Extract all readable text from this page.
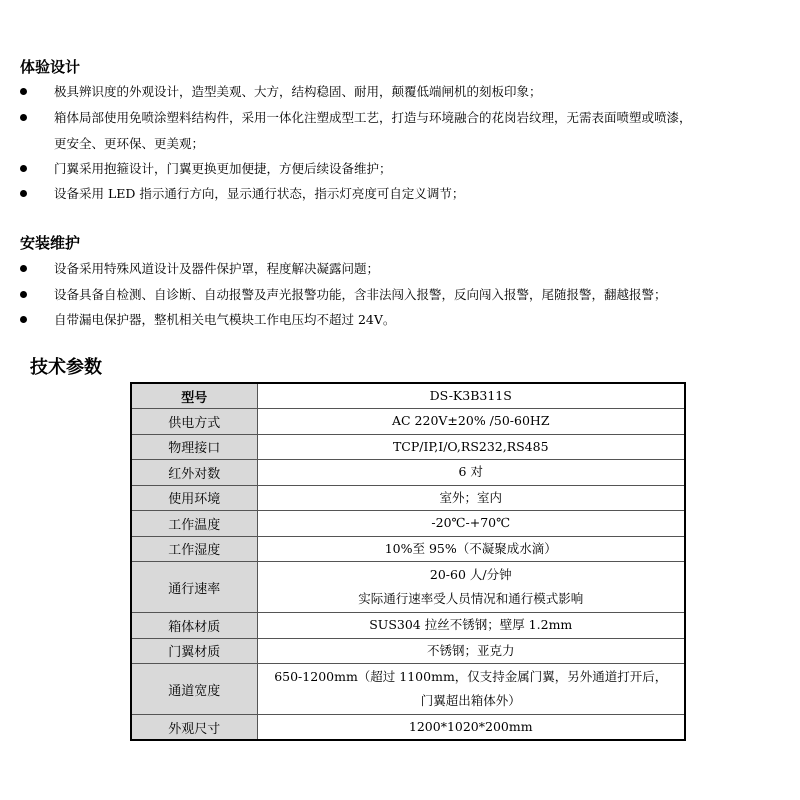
体验设计
极具辨识度的外观设计，造型美观、大方，结构稳固、耐用，颠覆低端闸机的刻板印象；
箱体局部使用免喷涂塑料结构件，采用一体化注塑成型工艺，打造与环境融合的花岗岩纹理，无需表面喷塑或喷漆，
更安全、更环保、更美观；
门翼采用抱箍设计，门翼更换更加便捷，方便后续设备维护；
设备采用 LED 指示通行方向，显示通行状态，指示灯亮度可自定义调节；
安装维护
设备采用特殊风道设计及器件保护罩，程度解决凝露问题；
设备具备自检测、自诊断、自动报警及声光报警功能，含非法闯入报警，反向闯入报警，尾随报警，翻越报警；
自带漏电保护器，整机相关电气模块工作电压均不超过 24V。
技术参数
型号	DS-K3B311S
供电方式	AC 220V±20% /50-60HZ
物理接口	TCP/IP,I/O,RS232,RS485
红外对数	6 对
使用环境	室外；室内
工作温度	-20℃-+70℃
工作湿度	10%至 95%（不凝聚成水滴）
通行速率	20-60 人/分钟
实际通行速率受人员情况和通行模式影响

箱体材质	SUS304 拉丝不锈钢；壁厚 1.2mm
门翼材质	不锈钢；亚克力
通道宽度	650-1200mm（超过 1100mm，仅支持金属门翼，另外通道打开后，
门翼超出箱体外）

外观尺寸	1200*1020*200mm
